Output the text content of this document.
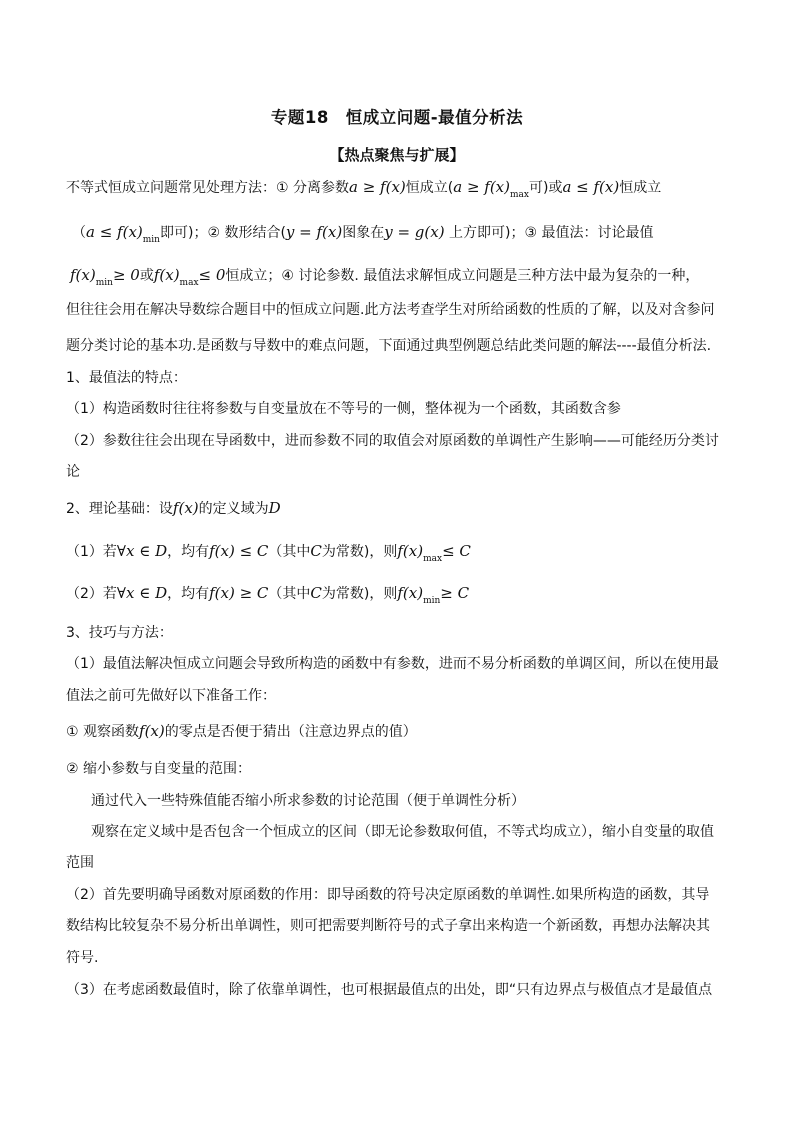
专题18　恒成立问题-最值分析法
【热点聚焦与扩展】
不等式恒成立问题常见处理方法：① 分离参数a ≥ f(x)恒成立($a \ge f(x)_{max}$可)或a ≤ f(x)恒成立
（$a \le f(x)_{min}$即可)；② 数形结合(y = f(x)图象在y = g(x) 上方即可)；③ 最值法：讨论最值
$f(x)_{min}\ge 0$或$f(x)_{max}\le 0$恒成立；④ 讨论参数. 最值法求解恒成立问题是三种方法中最为复杂的一种，
但往往会用在解决导数综合题目中的恒成立问题.此方法考查学生对所给函数的性质的了解，以及对含参问
题分类讨论的基本功.是函数与导数中的难点问题，下面通过典型例题总结此类问题的解法----最值分析法.
1、最值法的特点：
（1）构造函数时往往将参数与自变量放在不等号的一侧，整体视为一个函数，其函数含参
（2）参数往往会出现在导函数中，进而参数不同的取值会对原函数的单调性产生影响——可能经历分类讨
论
2、理论基础：设f(x)的定义域为D
（1）若∀x ∈ D，均有f(x) ≤ C（其中C为常数)，则$f(x)_{max}\le C$
（2）若∀x ∈ D，均有f(x) ≥ C（其中C为常数)，则$f(x)_{min}\ge C$
3、技巧与方法：
（1）最值法解决恒成立问题会导致所构造的函数中有参数，进而不易分析函数的单调区间，所以在使用最
值法之前可先做好以下准备工作：
① 观察函数f(x)的零点是否便于猜出（注意边界点的值）
② 缩小参数与自变量的范围：
通过代入一些特殊值能否缩小所求参数的讨论范围（便于单调性分析）
观察在定义域中是否包含一个恒成立的区间（即无论参数取何值，不等式均成立），缩小自变量的取值
范围
（2）首先要明确导函数对原函数的作用：即导函数的符号决定原函数的单调性.如果所构造的函数，其导
数结构比较复杂不易分析出单调性，则可把需要判断符号的式子拿出来构造一个新函数，再想办法解决其
符号.
（3）在考虑函数最值时，除了依靠单调性，也可根据最值点的出处，即“只有边界点与极值点才是最值点
